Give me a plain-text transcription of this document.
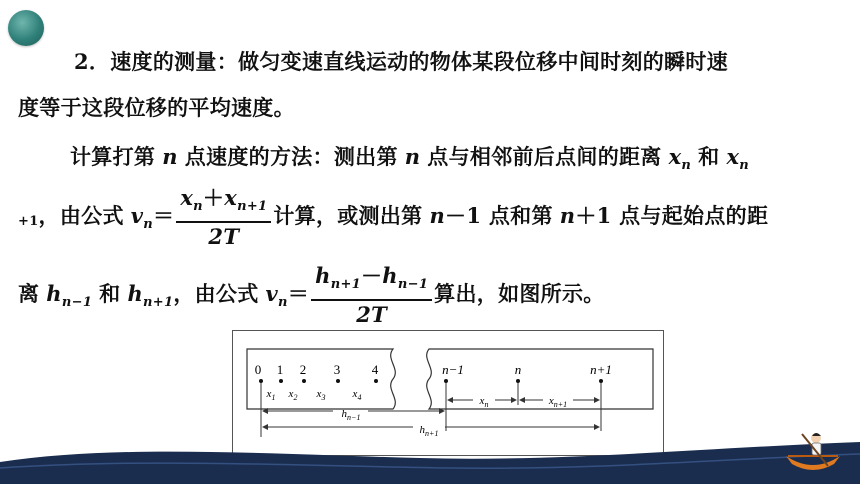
2．速度的测量：做匀变速直线运动的物体某段位移中间时刻的瞬时速
度等于这段位移的平均速度。
计算打第 n 点速度的方法：测出第 n 点与相邻前后点间的距离 $x_n$ 和 $x_n$
+1，由公式 $v_n= \frac{x_n+x_{n+1}}{2T}$ 计算，或测出第 n－1 点和第 n＋1 点与起始点的距
离 $h_{n-1}$ 和 $h_{n+1}$，由公式 $v_n= \frac{h_{n+1}-h_{n-1}}{2T}$ 算出，如图所示。
0 1 2 3 4
$x_1$ $x_2$ $x_3$ $x_4$
n−1	n	n+1
$x_n$	$x_{n+1}$
$h_{n-1}$
$h_{n+1}$
